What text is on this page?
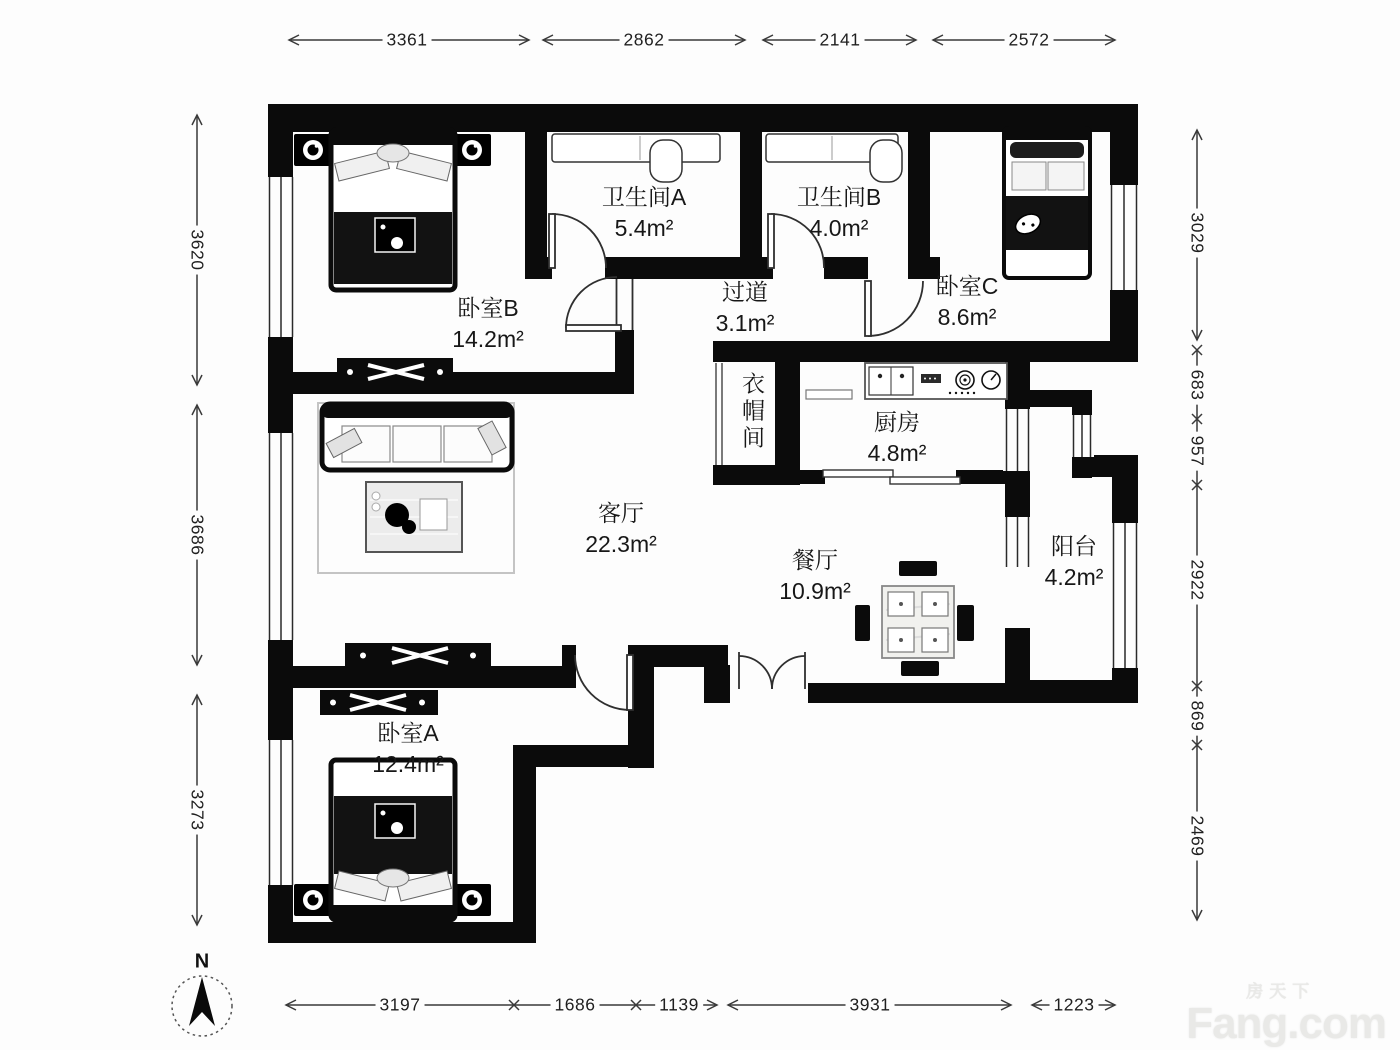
卧室B
14.2m²
卫生间A
5.4m²
卫生间B
4.0m²
卧室C
8.6m²
过道
3.1m²
衣帽间	厨房
4.8m²
客厅
22.3m²
餐厅
10.9m²
阳台
4.2m²
卧室A
12.4m²
3361	2862	2141	2572
3620
3686
3273
3029
683
957
2922
869
2469
3197	1686	1139	3931	1223
N
房天下
Fang.com
